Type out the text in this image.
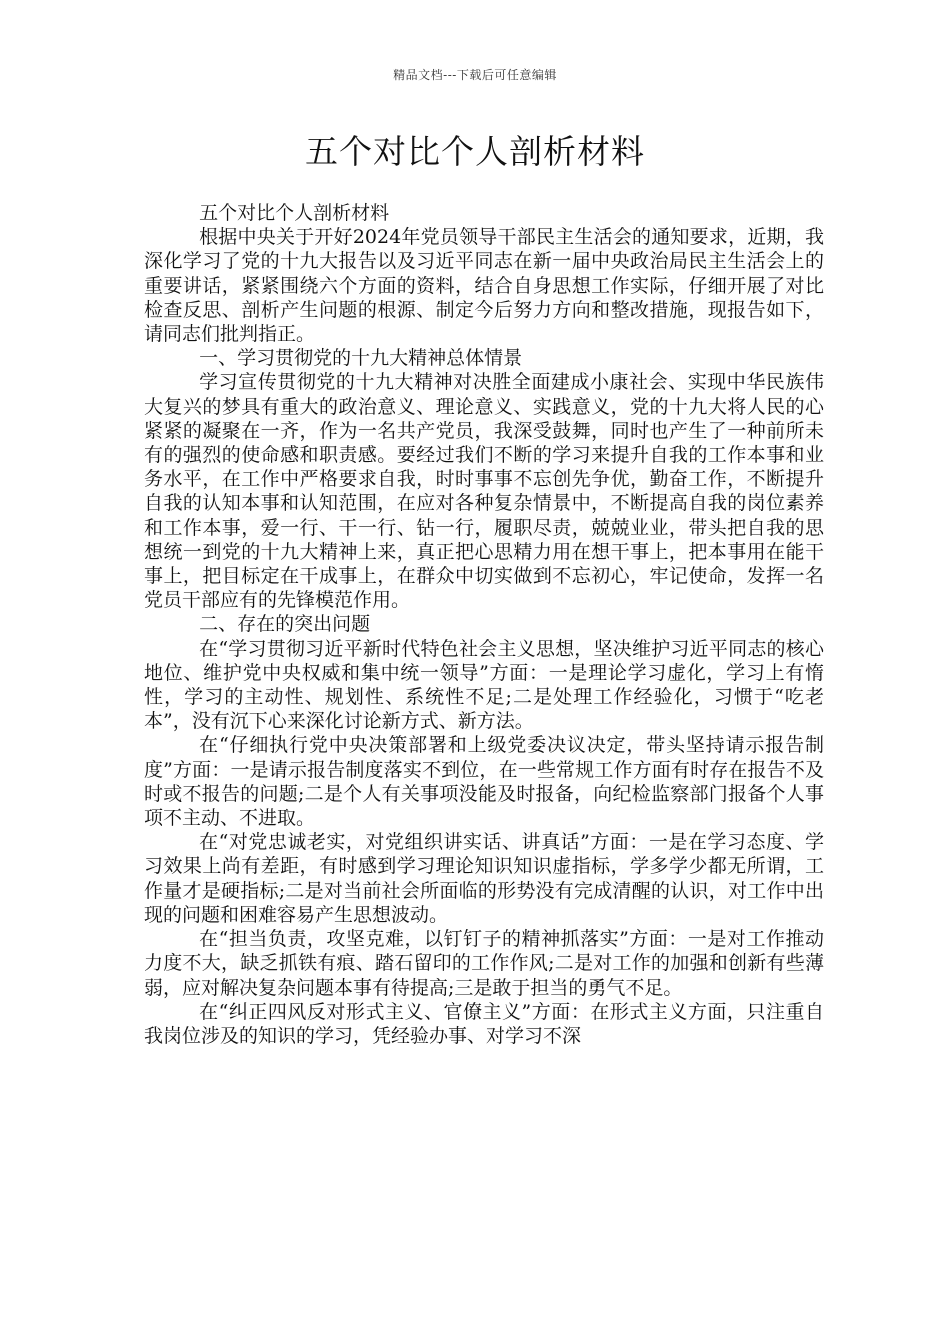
精品文档---下载后可任意编辑
五个对比个人剖析材料

五个对比个人剖析材料

根据中央关于开好2024年党员领导干部民主生活会的通知要求，近期，我深化学习了党的十九大报告以及习近平同志在新一届中央政治局民主生活会上的重要讲话，紧紧围绕六个方面的资料，结合自身思想工作实际，仔细开展了对比检查反思、剖析产生问题的根源、制定今后努力方向和整改措施，现报告如下，请同志们批判指正。

一、学习贯彻党的十九大精神总体情景

学习宣传贯彻党的十九大精神对决胜全面建成小康社会、实现中华民族伟大复兴的梦具有重大的政治意义、理论意义、实践意义，党的十九大将人民的心紧紧的凝聚在一齐，作为一名共产党员，我深受鼓舞，同时也产生了一种前所未有的强烈的使命感和职责感。要经过我们不断的学习来提升自我的工作本事和业务水平，在工作中严格要求自我，时时事事不忘创先争优，勤奋工作，不断提升自我的认知本事和认知范围，在应对各种复杂情景中，不断提高自我的岗位素养和工作本事，爱一行、干一行、钻一行，履职尽责，兢兢业业，带头把自我的思想统一到党的十九大精神上来，真正把心思精力用在想干事上，把本事用在能干事上，把目标定在干成事上，在群众中切实做到不忘初心，牢记使命，发挥一名党员干部应有的先锋模范作用。

二、存在的突出问题

在“学习贯彻习近平新时代特色社会主义思想，坚决维护习近平同志的核心地位、维护党中央权威和集中统一领导”方面：一是理论学习虚化，学习上有惰性，学习的主动性、规划性、系统性不足;二是处理工作经验化，习惯于“吃老本”，没有沉下心来深化讨论新方式、新方法。

在“仔细执行党中央决策部署和上级党委决议决定，带头坚持请示报告制度”方面：一是请示报告制度落实不到位，在一些常规工作方面有时存在报告不及时或不报告的问题;二是个人有关事项没能及时报备，向纪检监察部门报备个人事项不主动、不进取。

在“对党忠诚老实，对党组织讲实话、讲真话”方面：一是在学习态度、学习效果上尚有差距，有时感到学习理论知识知识虚指标，学多学少都无所谓，工作量才是硬指标;二是对当前社会所面临的形势没有完成清醒的认识，对工作中出现的问题和困难容易产生思想波动。

在“担当负责，攻坚克难，以钉钉子的精神抓落实”方面：一是对工作推动力度不大，缺乏抓铁有痕、踏石留印的工作作风;二是对工作的加强和创新有些薄弱，应对解决复杂问题本事有待提高;三是敢于担当的勇气不足。

在“纠正四风反对形式主义、官僚主义”方面：在形式主义方面，只注重自我岗位涉及的知识的学习，凭经验办事、对学习不深
